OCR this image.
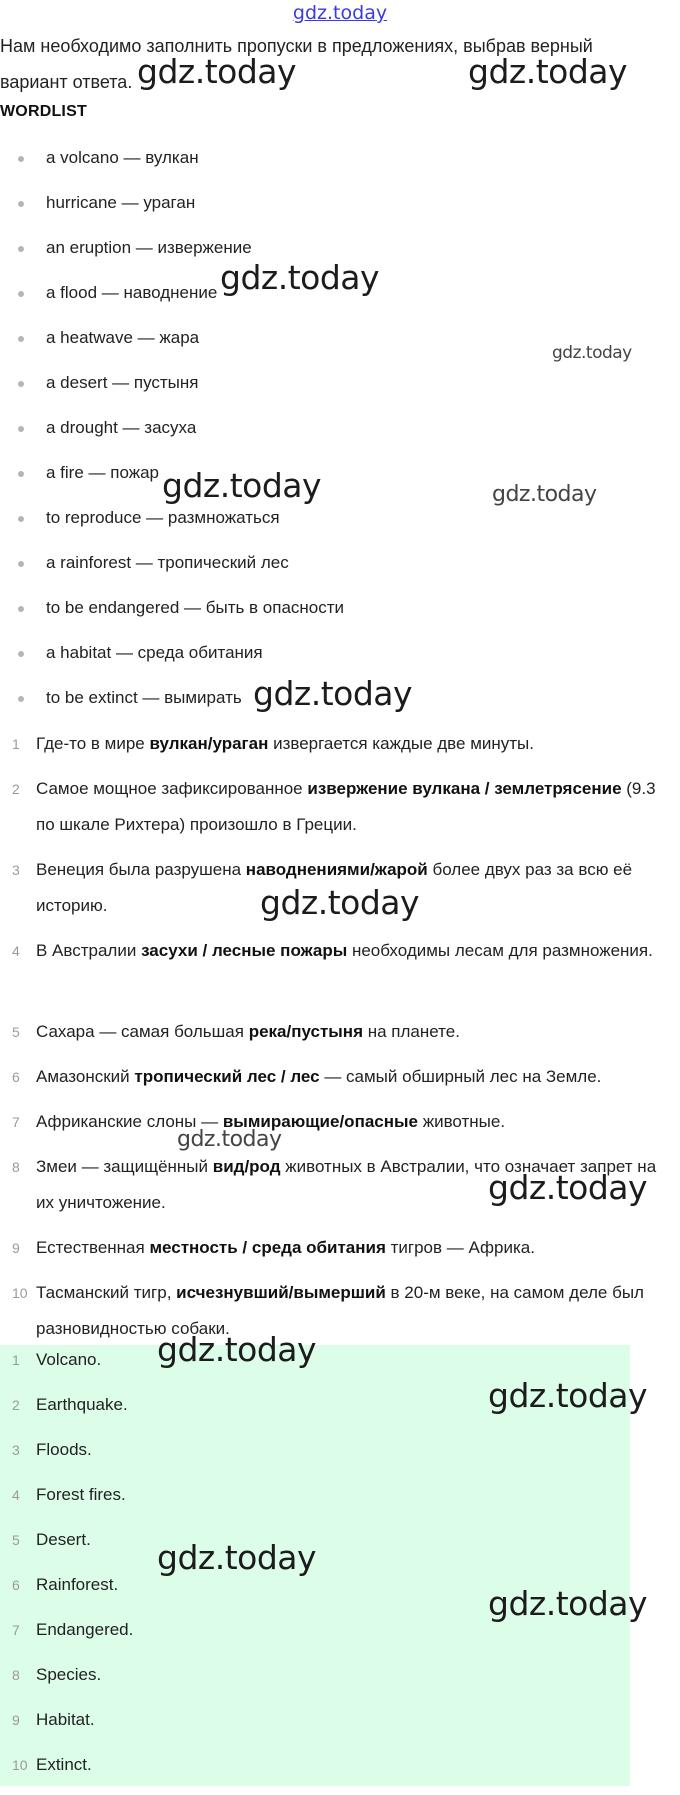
gdz.today
Нам необходимо заполнить пропуски в предложениях, выбрав верный вариант ответа.
WORDLIST
a volcano — вулкан
hurricane — ураган
an eruption — извержение
a flood — наводнение
a heatwave — жара
a desert — пустыня
a drought — засуха
a fire — пожар
to reproduce — размножаться
a rainforest — тропический лес
to be endangered — быть в опасности
a habitat — среда обитания
to be extinct — вымирать
1 Где-то в мире вулкан/ураган извергается каждые две минуты.
2 Самое мощное зафиксированное извержение вулкана / землетрясение (9.3 по шкале Рихтера) произошло в Греции.
3 Венеция была разрушена наводнениями/жарой более двух раз за всю её историю.
4 В Австралии засухи / лесные пожары необходимы лесам для размножения.
5 Сахара — самая большая река/пустыня на планете.
6 Амазонский тропический лес / лес — самый обширный лес на Земле.
7 Африканские слоны — вымирающие/опасные животные.
8 Змеи — защищённый вид/род животных в Австралии, что означает запрет на их уничтожение.
9 Естественная местность / среда обитания тигров — Африка.
10 Тасманский тигр, исчезнувший/вымерший в 20-м веке, на самом деле был разновидностью собаки.
1 Volcano.
2 Earthquake.
3 Floods.
4 Forest fires.
5 Desert.
6 Rainforest.
7 Endangered.
8 Species.
9 Habitat.
10 Extinct.
gdz.today	gdz.today
gdz.today
gdz.today
gdz.today	gdz.today
gdz.today
gdz.today
gdz.today
gdz.today
gdz.today
gdz.today
gdz.today
gdz.today
